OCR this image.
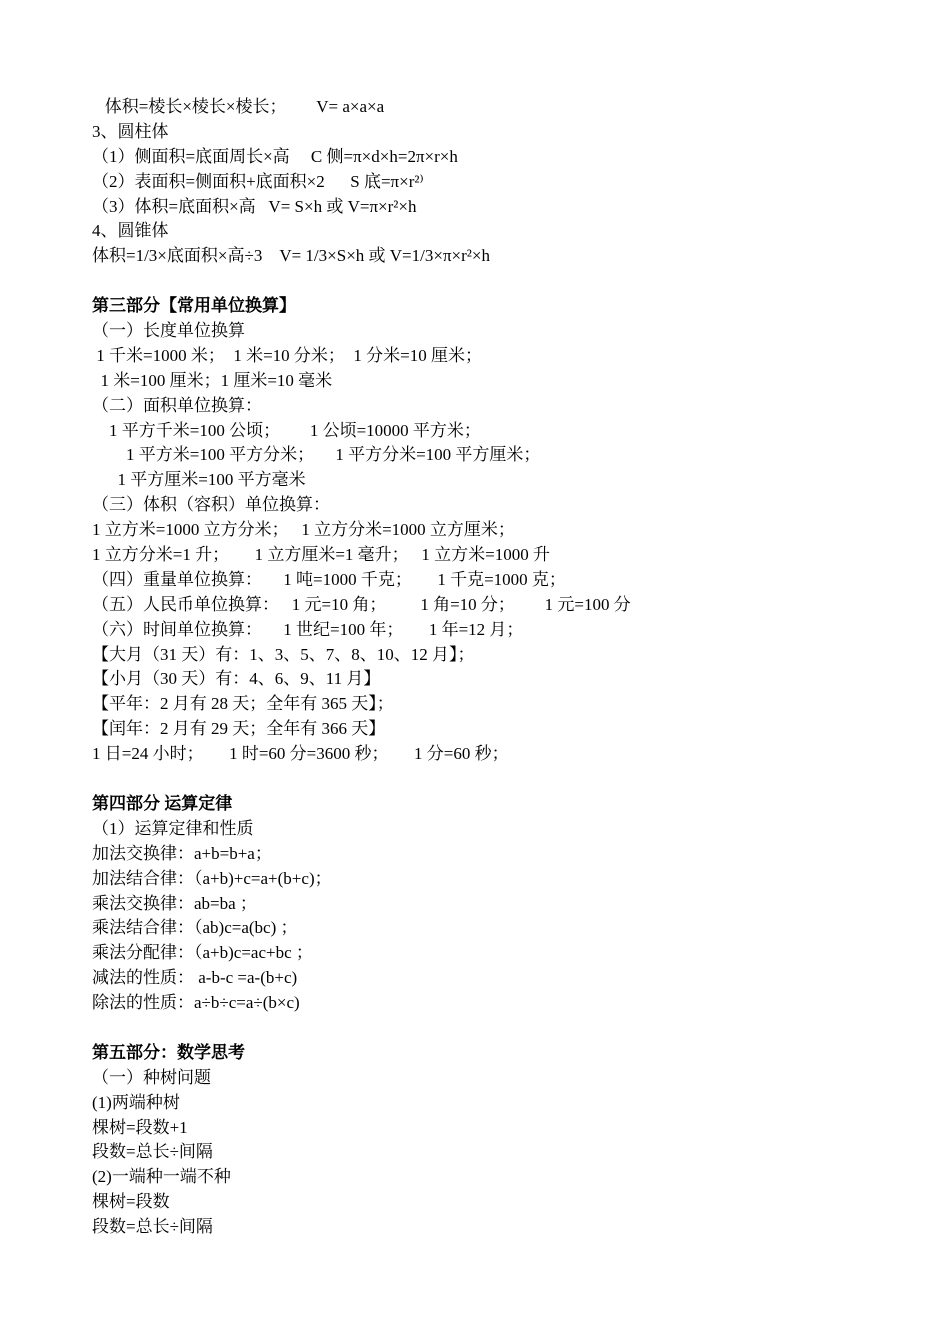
体积=棱长×棱长×棱长；       V= a×a×a
3、圆柱体
（1）侧面积=底面周长×高     C 侧=π×d×h=2π×r×h
（2）表面积=侧面积+底面积×2      S 底=π×r²⁾
（3）体积=底面积×高   V= S×h 或 V=π×r²×h
4、圆锥体
体积=1/3×底面积×高÷3    V= 1/3×S×h 或 V=1/3×π×r²×h
第三部分【常用单位换算】
（一）长度单位换算
1 千米=1000 米；  1 米=10 分米；  1 分米=10 厘米；
1 米=100 厘米；1 厘米=10 毫米
（二）面积单位换算：
1 平方千米=100 公顷；       1 公顷=10000 平方米；
1 平方米=100 平方分米；     1 平方分米=100 平方厘米；
1 平方厘米=100 平方毫米
（三）体积（容积）单位换算：
1 立方米=1000 立方分米；   1 立方分米=1000 立方厘米；
1 立方分米=1 升；      1 立方厘米=1 毫升；   1 立方米=1000 升
（四）重量单位换算：     1 吨=1000 千克；      1 千克=1000 克；
（五）人民币单位换算：   1 元=10 角；        1 角=10 分；       1 元=100 分
（六）时间单位换算：     1 世纪=100 年；      1 年=12 月；
【大月（31 天）有：1、3、5、7、8、10、12 月】；
【小月（30 天）有：4、6、9、11 月】
【平年：2 月有 28 天；全年有 365 天】；
【闰年：2 月有 29 天；全年有 366 天】
1 日=24 小时；      1 时=60 分=3600 秒；      1 分=60 秒；
第四部分 运算定律
（1）运算定律和性质
加法交换律：a+b=b+a；
加法结合律：（a+b)+c=a+(b+c)；
乘法交换律：ab=ba ；
乘法结合律：（ab)c=a(bc) ；
乘法分配律：（a+b)c=ac+bc ；
减法的性质： a-b-c =a-(b+c)
除法的性质：a÷b÷c=a÷(b×c)
第五部分：数学思考
（一）种树问题
(1)两端种树
棵树=段数+1
段数=总长÷间隔
(2)一端种一端不种
棵树=段数
段数=总长÷间隔
